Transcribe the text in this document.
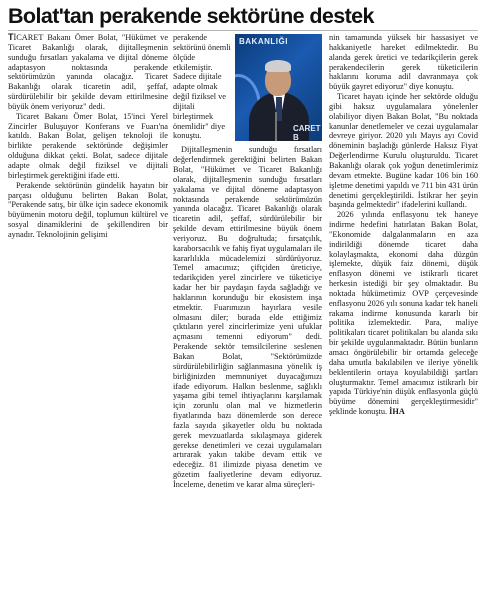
Bolat'tan perakende sektörüne destek

TİCARET Bakanı Ömer Bolat, "Hükümet ve Ticaret Bakanlığı olarak, dijitalleşmenin sunduğu fırsatları yakalama ve dijital döneme adaptasyon noktasında perakende sektörümüzün yanında olacağız. Ticaret Bakanlığı olarak ticaretin adil, şeffaf, sürdürülebilir bir şekilde devam ettirilmesine büyük önem veriyoruz" dedi.

Ticaret Bakanı Ömer Bolat, 15'inci Yerel Zincirler Buluşuyor Konferans ve Fuarı'na katıldı. Bakan Bolat, gelişen teknoloji ile birlikte perakende sektöründe değişimler olduğuna dikkat çekti. Bolat, sadece dijitale adapte olmak değil fiziksel ve dijitali birleştirmek gerektiğini ifade etti.

Perakende sektörünün gündelik hayatın bir parçası olduğunu belirten Bakan Bolat, "Perakende satış, bir ülke için sadece ekonomik büyümenin motoru değil, toplumun kültürel ve sosyal dinamiklerini de şekillendiren bir aynadır. Teknolojinin gelişimi

BAKANLIĞI
CARET B

perakende sektörünü önemli ölçüde etkilemiştir. Sadece dijitale adapte olmak değil fiziksel ve dijitali birleştirmek önemlidir" diye konuştu.

Dijitalleşmenin sunduğu fırsatları değerlendirmek gerektiğini belirten Bakan Bolat, "Hükümet ve Ticaret Bakanlığı olarak, dijitalleşmenin sunduğu fırsatları yakalama ve dijital döneme adaptasyon noktasında perakende sektörümüzün yanında olacağız. Ticaret Bakanlığı olarak ticaretin adil, şeffaf, sürdürülebilir bir şekilde devam ettirilmesine büyük önem veriyoruz. Bu doğrultuda; fırsatçılık, karaborsacılık ve fahiş fiyat uygulamaları ile kararlılıkla mücadelemizi sürdürüyoruz. Temel amacımız; çiftçiden üreticiye, tedarikçiden yerel zincirlere ve tüketiciye kadar her bir paydaşın fayda sağladığı ve haklarının korunduğu bir ekosistem inşa etmektir. Fuarımızın hayırlara vesile olmasını diler; burada elde ettiğimiz çıktıların yerel zincirlerimize yeni ufuklar açmasını temenni ediyorum" dedi. Perakende sektör temsilcilerine seslenen Bakan Bolat, "Sektörümüzde sürdürülebilirliğin sağlanmasına yönelik iş birliğinizden memnuniyet duyacağımızı ifade ediyorum. Halkın beslenme, sağlıklı yaşama gibi temel ihtiyaçlarını karşılamak için zorunlu olan mal ve hizmetlerin fiyatlarında bazı dönemlerde son derece fazla sayıda şikayetler oldu bu noktada gerek mevzuatlarda sıkılaşmaya giderek gerekse denetimleri ve cezai uygulamaları artırarak yakın takibe devam ettik ve edeceğiz. 81 ilimizde piyasa denetim ve gözetim faaliyetlerine devam ediyoruz. İnceleme, denetim ve karar alma süreçleri-

nin tamamında yüksek bir hassasiyet ve hakkaniyetle hareket edilmektedir. Bu alanda gerek üretici ve tedarikçilerin gerek perakendecilerin gerek tüketicilerin haklarını koruma adil davranmaya çok büyük gayret ediyoruz" diye konuştu.

Ticaret hayatı içinde her sektörde olduğu gibi haksız uygulamalara yönelenler olabiliyor diyen Bakan Bolat, "Bu noktada kanunlar denetlemeler ve cezai uygulamalar devreye giriyor. 2020 yılı Mayıs ayı Covid döneminin başladığı günlerde Haksız Fiyat Değerlendirme Kurulu oluşturuldu. Ticaret Bakanlığı olarak çok yoğun denetimlerimiz devam etmekte. Bugüne kadar 106 bin 160 işletme denetimi yapıldı ve 711 bin 431 ürün denetimi gerçekleştirildi. İstikrar her şeyin başında gelmektedir" ifadelerini kullandı.

2026 yılında enflasyonu tek haneye indirme hedefini hatırlatan Bakan Bolat, "Ekonomide dalgalanmaların en aza indirildiği dönemde ticaret daha kolaylaşmakta, ekonomi daha düzgün işlemekte, düşük faiz dönemi, düşük enflasyon dönemi ve istikrarlı ticaret herkesin istediği bir şey olmaktadır. Bu noktada hükümetimiz OVP çerçevesinde enflasyonu 2026 yılı sonuna kadar tek haneli rakama indirme konusunda kararlı bir politika izlemektedir. Para, maliye politikaları ticaret politikaları bu alanda sıkı bir şekilde uygulanmaktadır. Bütün bunların amacı öngörülebilir bir ortamda geleceğe daha umutla bakılabilen ve ileriye yönelik beklentilerin ortaya koyulabildiği şartları oluşturmaktır. Temel amacımız istikrarlı bir yapıda Türkiye'nin düşük enflasyonla güçlü büyüme dönemini gerçekleştirmesidir" şeklinde konuştu. İHA
